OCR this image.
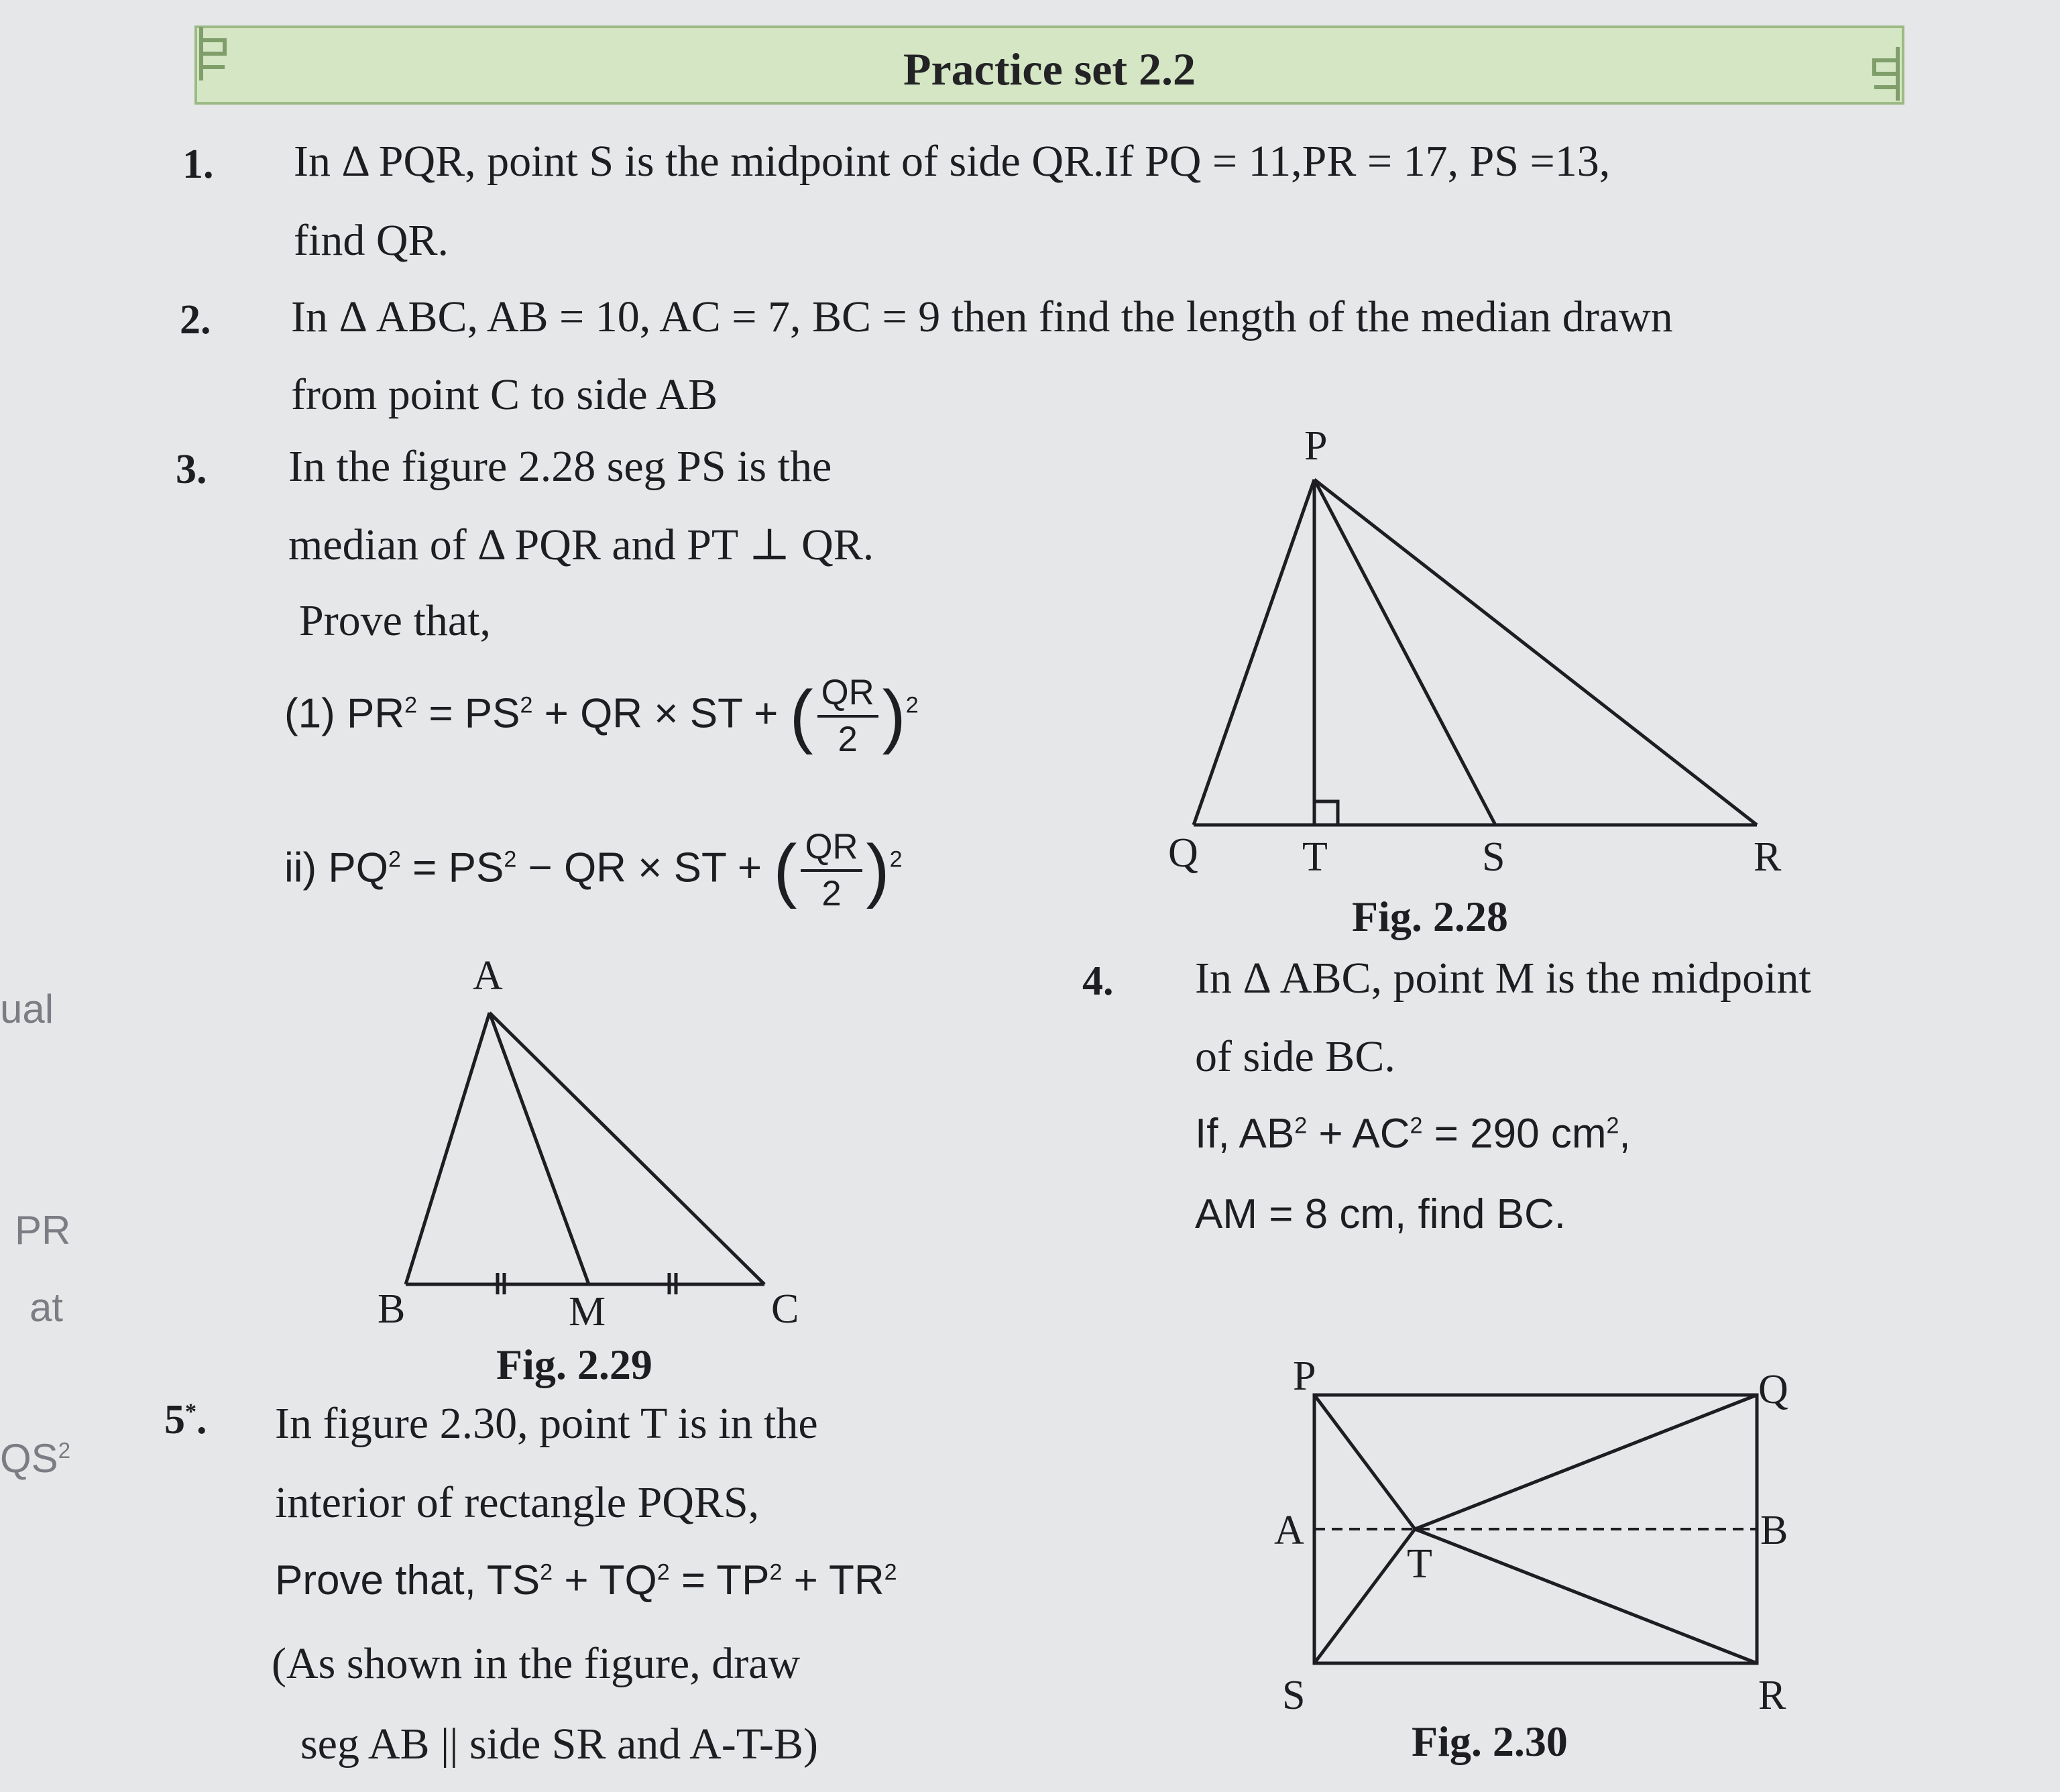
Practice set 2.2
ual
PR
at
$QS^2$
1. In Δ PQR, point S is the midpoint of side QR.If PQ = 11,PR = 17, PS =13,
find QR.
2. In Δ ABC, AB = 10, AC = 7, BC = 9 then find the length of the median drawn
from point C to side AB
3. In the figure 2.28 seg PS is the
median of Δ PQR and PT ⊥ QR.
Prove that,
(1) $PR^2 = PS^2$ + QR × ST + ( $\frac{QR}{2} )^2$
ii) $PQ^2 = PS^2$ − QR × ST + ( $\frac{QR}{2} )^2$
P
Q	T	S	R
Fig. 2.28
4. In Δ ABC, point M is the midpoint
of side BC.
If, $AB^2 + AC^2 = 290$ $cm^2$,
AM = 8 cm, find BC.
A
B	M	C
Fig. 2.29
5*. In figure 2.30, point T is in the
interior of rectangle PQRS,
Prove that, $TS^2 + TQ^2 = TP^2 + TR^2$
(As shown in the figure, draw
seg AB || side SR and A-T-B)
P	Q
A	B
T
S	R
Fig. 2.30
